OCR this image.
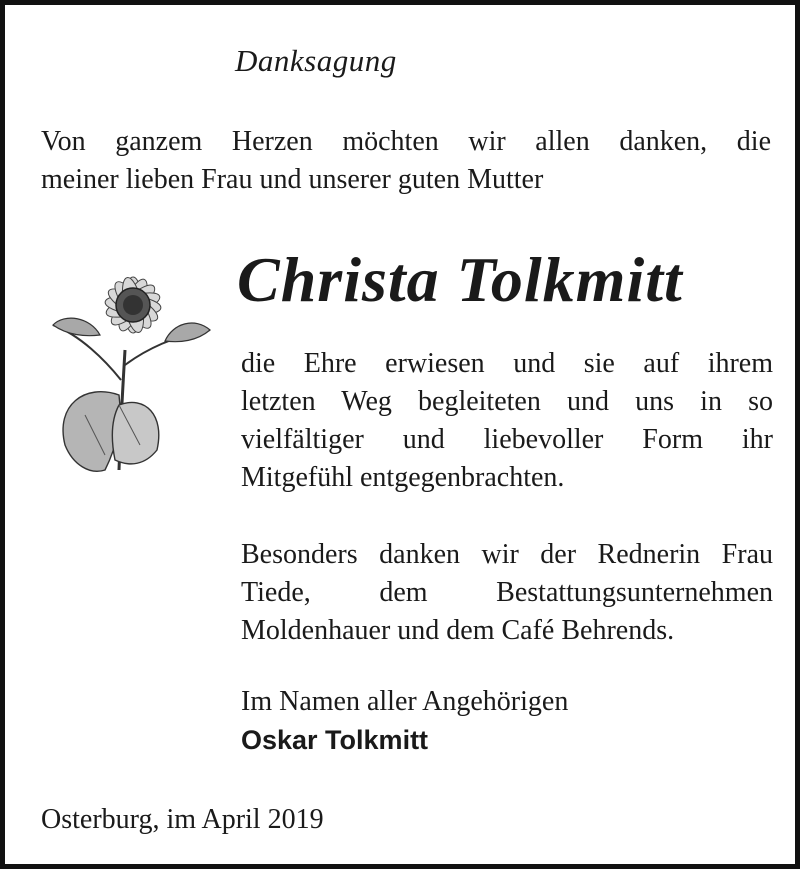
Danksagung
Von ganzem Herzen möchten wir allen danken, die
meiner lieben Frau und unserer guten Mutter
Christa Tolkmitt
die Ehre erwiesen und sie auf ihrem
letzten Weg begleiteten und uns in so
vielfältiger und liebevoller Form ihr
Mitgefühl entgegenbrachten.
Besonders danken wir der Rednerin Frau
Tiede, dem Bestattungsunternehmen
Moldenhauer und dem Café Behrends.
Im Namen aller Angehörigen
Oskar Tolkmitt
Osterburg, im April 2019
